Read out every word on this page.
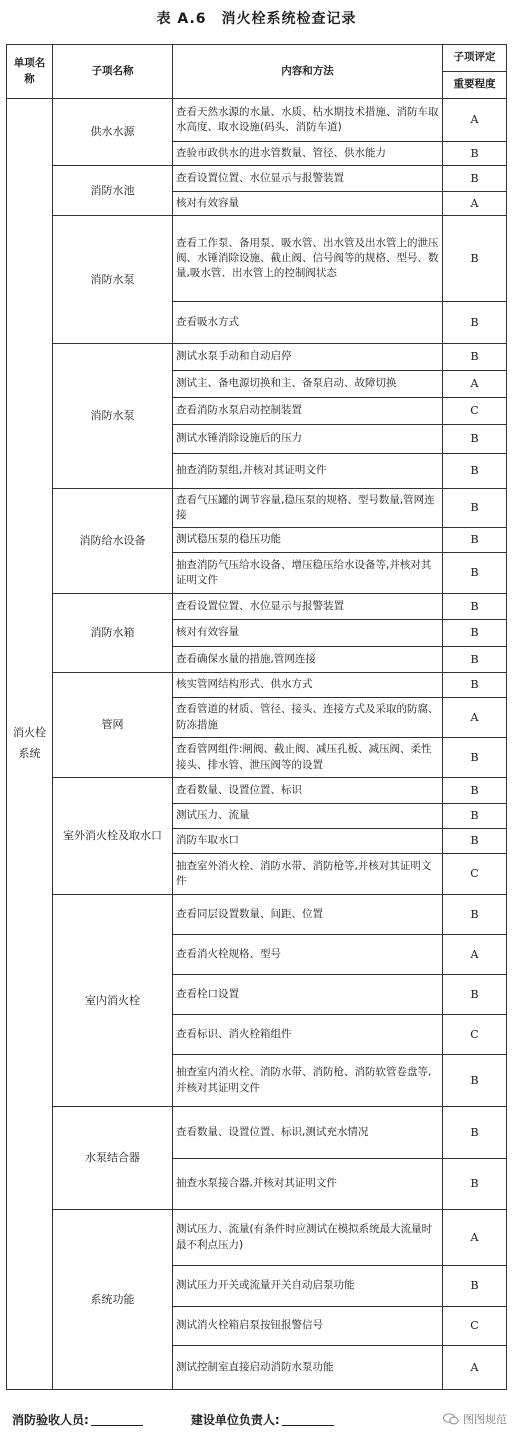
表 A.6　消火栓系统检查记录
单项名称	子项名称	内容和方法	子项评定
			重要程度
消火栓系统	供水水源	查看天然水源的水量、水质、枯水期技术措施、消防车取水高度、取水设施(码头、消防车道)	A
		查验市政供水的进水管数量、管径、供水能力	B
	消防水池	查看设置位置、水位显示与报警装置	B
		核对有效容量	A
	消防水泵	查看工作泵、备用泵、吸水管、出水管及出水管上的泄压阀、水锤消除设施、截止阀、信号阀等的规格、型号、数量,吸水管、出水管上的控制阀状态	B
		查看吸水方式	B
	消防水泵	测试水泵手动和自动启停	B
		测试主、备电源切换和主、备泵启动、故障切换	A
		查看消防水泵启动控制装置	C
		测试水锤消除设施后的压力	B
		抽查消防泵组,并核对其证明文件	B
	消防给水设备	查看气压罐的调节容量,稳压泵的规格、型号数量,管网连接	B
		测试稳压泵的稳压功能	B
		抽查消防气压给水设备、增压稳压给水设备等,并核对其证明文件	B
	消防水箱	查看设置位置、水位显示与报警装置	B
		核对有效容量	B
		查看确保水量的措施,管网连接	B
	管网	核实管网结构形式、供水方式	B
		查看管道的材质、管径、接头、连接方式及采取的防腐、防冻措施	A
		查看管网组件:闸阀、截止阀、减压孔板、减压阀、柔性接头、排水管、泄压阀等的设置	B
	室外消火栓及取水口	查看数量、设置位置、标识	B
		测试压力、流量	B
		消防车取水口	B
		抽查室外消火栓、消防水带、消防枪等,并核对其证明文件	C
	室内消火栓	查看同层设置数量、间距、位置	B
		查看消火栓规格、型号	A
		查看栓口设置	B
		查看标识、消火栓箱组件	C
		抽查室内消火栓、消防水带、消防枪、消防软管卷盘等,并核对其证明文件	B
	水泵结合器	查看数量、设置位置、标识,测试充水情况	B
		抽查水泵接合器,并核对其证明文件	B
	系统功能	测试压力、流量(有条件时应测试在模拟系统最大流量时最不利点压力)	A
		测试压力开关或流量开关自动启泵功能	B
		测试消火栓箱启泵按钮报警信号	C
		测试控制室直接启动消防水泵功能	A
消防验收人员:	建设单位负责人:	图图规范
